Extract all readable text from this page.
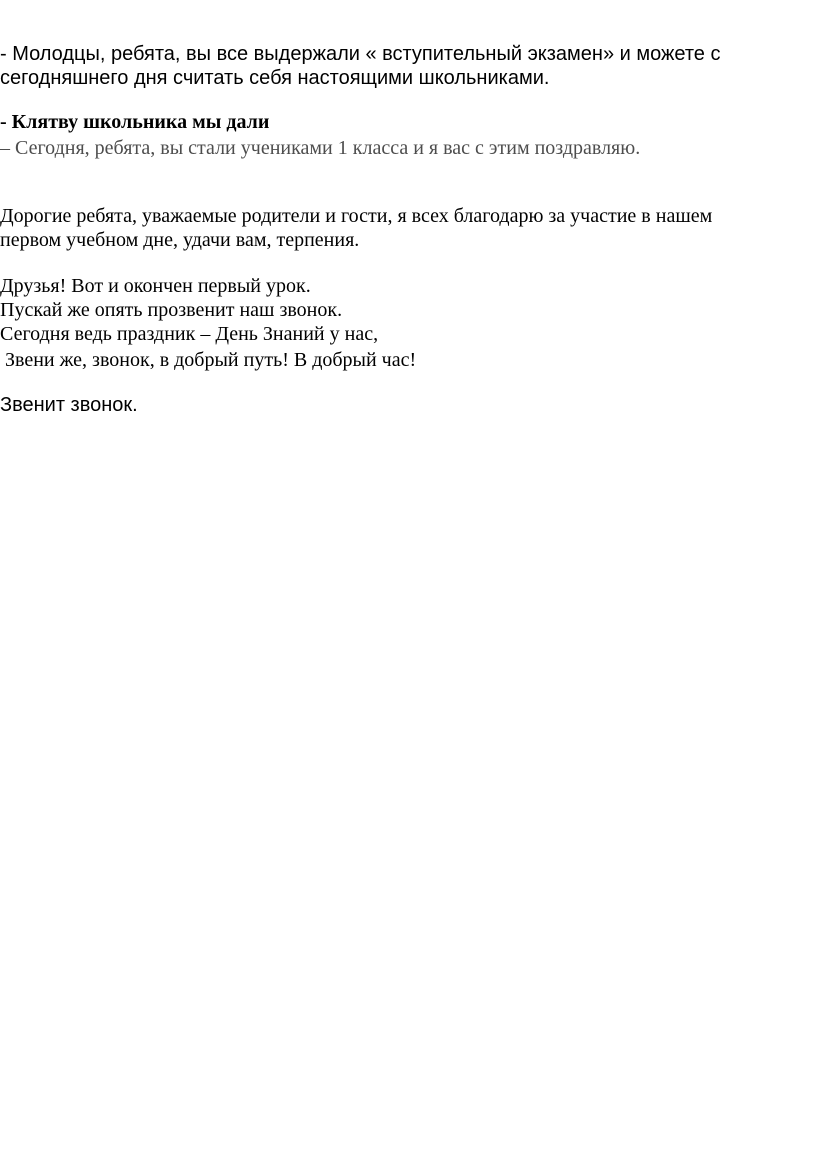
- Молодцы, ребята, вы все выдержали « вступительный экзамен» и можете с
сегодняшнего дня считать себя настоящими школьниками.

- Клятву школьника мы дали

– Сегодня, ребята, вы стали учениками 1 класса и я вас с этим поздравляю.

Дорогие ребята, уважаемые родители и гости, я всех благодарю за участие в нашем
первом учебном дне, удачи вам, терпения.

Друзья! Вот и окончен первый урок.
Пускай же опять прозвенит наш звонок.
Сегодня ведь праздник – День Знаний у нас,
Звени же, звонок, в добрый путь! В добрый час!

Звенит звонок.
